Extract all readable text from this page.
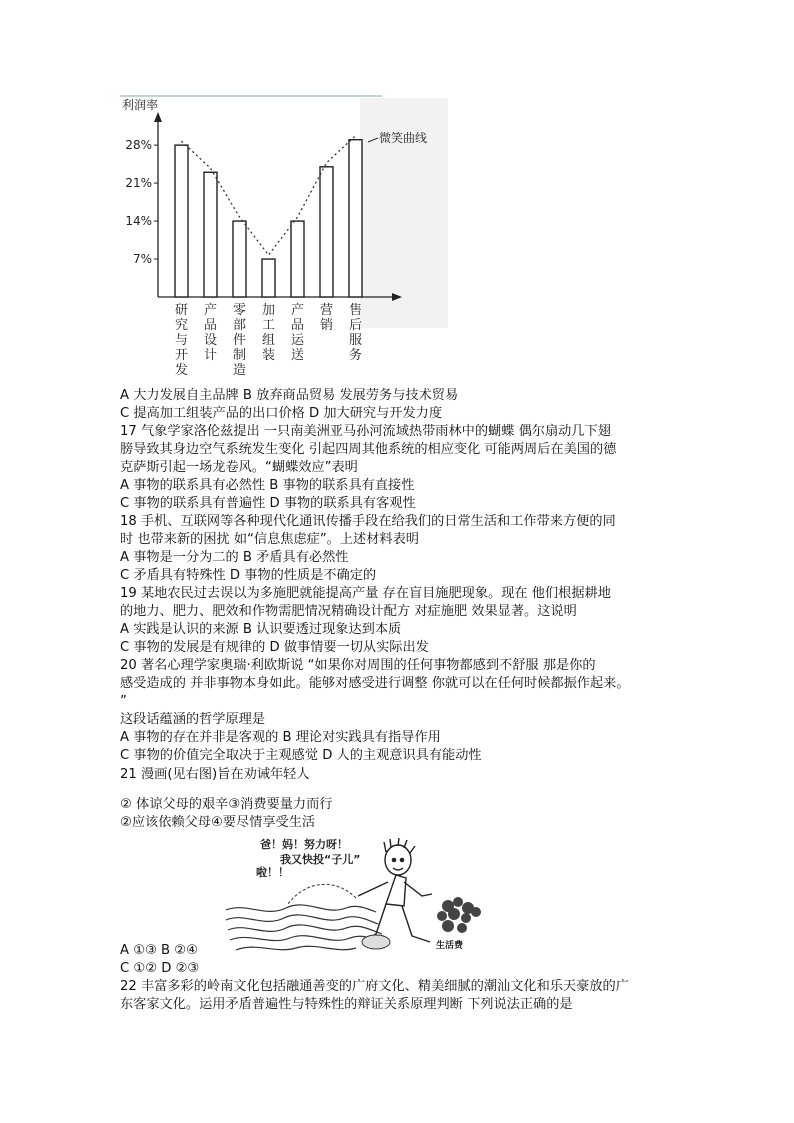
利润率
28%
21%
14%
7%
微笑曲线
研
究
与
开
发
产
品
设
计
零
部
件
制
造
加
工
组
装
产
品
运
送
营
销
售
后
服
务
A 大力发展自主品牌 B 放弃商品贸易 发展劳务与技术贸易
C 提高加工组装产品的出口价格 D 加大研究与开发力度
17 气象学家洛伦兹提出 一只南美洲亚马孙河流域热带雨林中的蝴蝶 偶尔扇动几下翅
膀导致其身边空气系统发生变化 引起四周其他系统的相应变化 可能两周后在美国的德
克萨斯引起一场龙卷风。“蝴蝶效应”表明
A 事物的联系具有必然性 B 事物的联系具有直接性
C 事物的联系具有普遍性 D 事物的联系具有客观性
18 手机、互联网等各种现代化通讯传播手段在给我们的日常生活和工作带来方便的同
时 也带来新的困扰 如“信息焦虑症”。上述材料表明
A 事物是一分为二的 B 矛盾具有必然性
C 矛盾具有特殊性 D 事物的性质是不确定的
19 某地农民过去误以为多施肥就能提高产量 存在盲目施肥现象。现在 他们根据耕地
的地力、肥力、肥效和作物需肥情况精确设计配方 对症施肥 效果显著。这说明
A 实践是认识的来源 B 认识要透过现象达到本质
C 事物的发展是有规律的 D 做事情要一切从实际出发
20 著名心理学家奥瑞·利欧斯说 “如果你对周围的任何事物都感到不舒服 那是你的
感受造成的 并非事物本身如此。能够对感受进行调整 你就可以在任何时候都振作起来。
”
这段话蕴涵的哲学原理是
A 事物的存在并非是客观的 B 理论对实践具有指导作用
C 事物的价值完全取决于主观感觉 D 人的主观意识具有能动性
21 漫画(见右图)旨在劝诫年轻人
② 体谅父母的艰辛③消费要量力而行
②应该依赖父母④要尽情享受生活
爸！妈！努力呀！
我又快投“子儿”
啦！！
生活费
A ①③ B ②④
C ①② D ②③
22 丰富多彩的岭南文化包括融通善变的广府文化、精美细腻的潮汕文化和乐天豪放的广
东客家文化。运用矛盾普遍性与特殊性的辩证关系原理判断 下列说法正确的是
